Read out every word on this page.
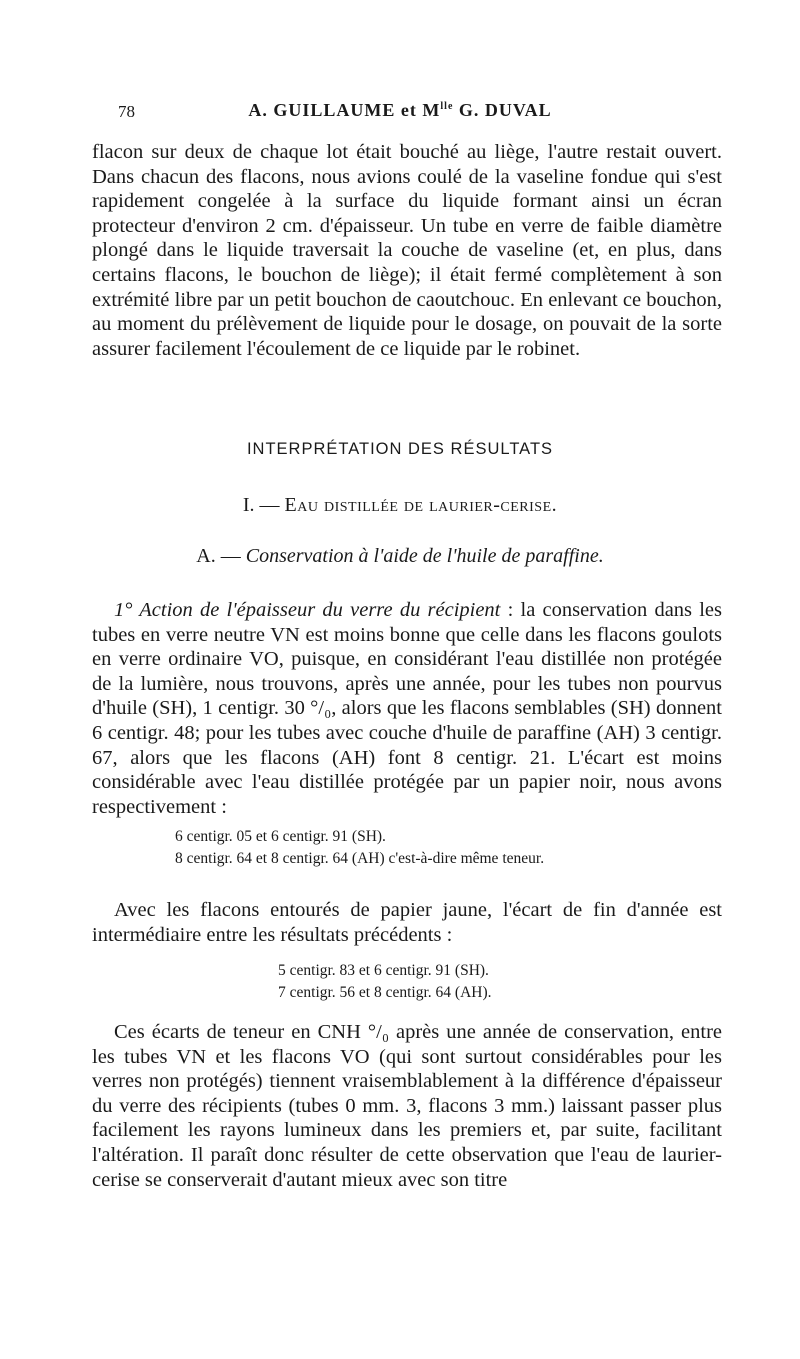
78	A. GUILLAUME et $M^{lle}$ G. DUVAL

flacon sur deux de chaque lot était bouché au liège, l'autre restait ouvert. Dans chacun des flacons, nous avions coulé de la vaseline fondue qui s'est rapidement congelée à la surface du liquide formant ainsi un écran protecteur d'environ 2 cm. d'épaisseur. Un tube en verre de faible diamètre plongé dans le liquide traversait la couche de vaseline (et, en plus, dans certains flacons, le bouchon de liège); il était fermé complètement à son extrémité libre par un petit bouchon de caoutchouc. En enlevant ce bouchon, au moment du prélèvement de liquide pour le dosage, on pouvait de la sorte assurer facilement l'écoulement de ce liquide par le robinet.

INTERPRÉTATION DES RÉSULTATS
I. — Eau distillée de laurier-cerise.
A. — Conservation à l'aide de l'huile de paraffine.

1° Action de l'épaisseur du verre du récipient : la conservation dans les tubes en verre neutre VN est moins bonne que celle dans les flacons goulots en verre ordinaire VO, puisque, en considérant l'eau distillée non protégée de la lumière, nous trouvons, après une année, pour les tubes non pourvus d'huile (SH), 1 centigr. 30 °/₀, alors que les flacons semblables (SH) donnent 6 centigr. 48; pour les tubes avec couche d'huile de paraffine (AH) 3 centigr. 67, alors que les flacons (AH) font 8 centigr. 21. L'écart est moins considérable avec l'eau distillée protégée par un papier noir, nous avons respectivement :

6 centigr. 05 et 6 centigr. 91 (SH).
8 centigr. 64 et 8 centigr. 64 (AH) c'est-à-dire même teneur.

Avec les flacons entourés de papier jaune, l'écart de fin d'année est intermédiaire entre les résultats précédents :

5 centigr. 83 et 6 centigr. 91 (SH).
7 centigr. 56 et 8 centigr. 64 (AH).

Ces écarts de teneur en CNH °/₀ après une année de conservation, entre les tubes VN et les flacons VO (qui sont surtout considérables pour les verres non protégés) tiennent vraisemblablement à la différence d'épaisseur du verre des récipients (tubes 0 mm. 3, flacons 3 mm.) laissant passer plus facilement les rayons lumineux dans les premiers et, par suite, facilitant l'altération. Il paraît donc résulter de cette observation que l'eau de laurier-cerise se conserverait d'autant mieux avec son titre
